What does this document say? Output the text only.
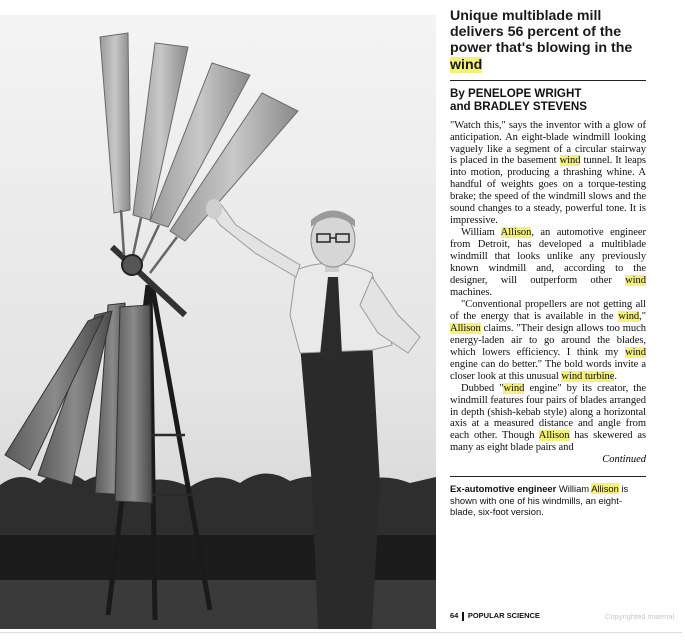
Unique multiblade mill delivers 56 percent of the power that's blowing in the wind

By PENELOPE WRIGHT
and BRADLEY STEVENS

"Watch this," says the inventor with a glow of anticipation. An eight-blade windmill looking vaguely like a segment of a circular stairway is placed in the basement wind tunnel. It leaps into motion, producing a thrashing whine. A handful of weights goes on a torque-testing brake; the speed of the windmill slows and the sound changes to a steady, powerful tone. It is impressive.

William Allison, an automotive engineer from Detroit, has developed a multiblade windmill that looks unlike any previously known windmill and, according to the designer, will outperform other wind machines.

"Conventional propellers are not getting all of the energy that is available in the wind," Allison claims. "Their design allows too much energy-laden air to go around the blades, which lowers efficiency. I think my wind engine can do better." The bold words invite a closer look at this unusual wind turbine.

Dubbed "wind engine" by its creator, the windmill features four pairs of blades arranged in depth (shish-kebab style) along a horizontal axis at a measured distance and angle from each other. Though Allison has skewered as many as eight blade pairs and

Continued

Ex-automotive engineer William Allison is shown with one of his windmills, an eight-blade, six-foot version.

64 POPULAR SCIENCE	Copyrighted material
